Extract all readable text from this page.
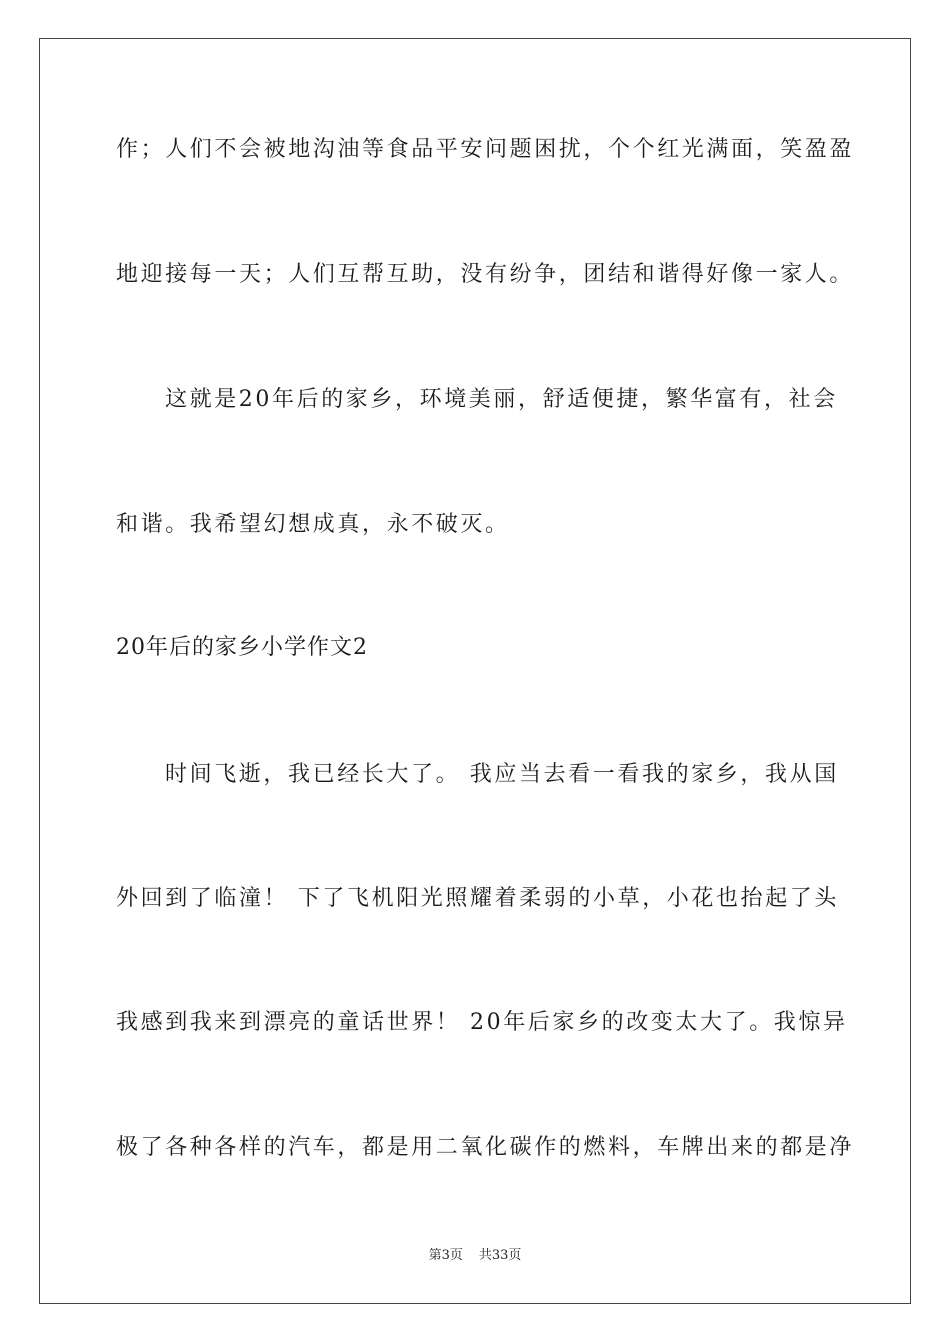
作；人们不会被地沟油等食品平安问题困扰，个个红光满面，笑盈盈
地迎接每一天；人们互帮互助，没有纷争，团结和谐得好像一家人。
这就是20年后的家乡，环境美丽，舒适便捷，繁华富有，社会
和谐。我希望幻想成真，永不破灭。
20年后的家乡小学作文2
时间飞逝，我已经长大了。 我应当去看一看我的家乡，我从国
外回到了临潼！ 下了飞机阳光照耀着柔弱的小草，小花也抬起了头
我感到我来到漂亮的童话世界！ 20年后家乡的改变太大了。我惊异
极了各种各样的汽车，都是用二氧化碳作的燃料，车牌出来的都是净
第3页 共33页
